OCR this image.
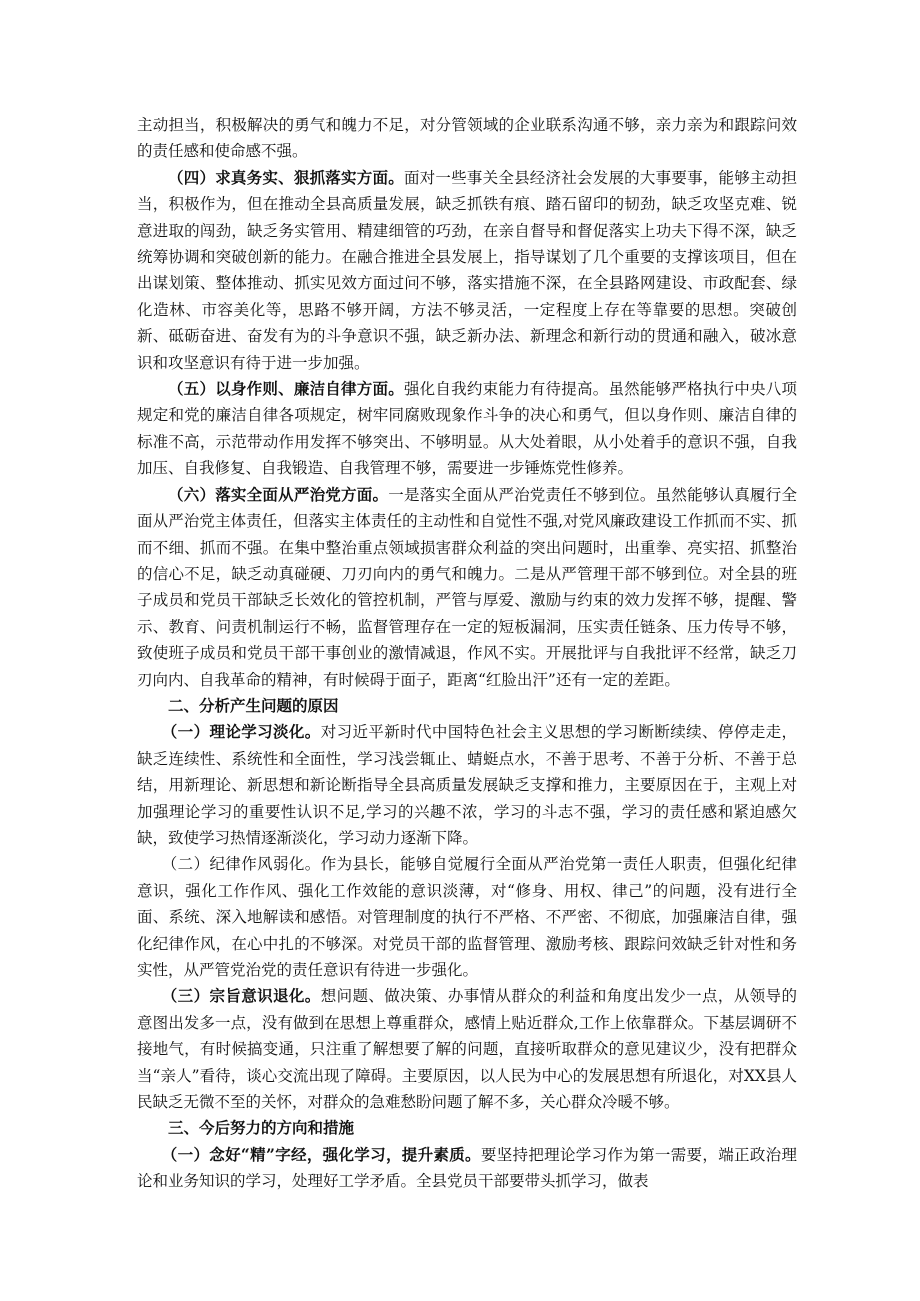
主动担当，积极解决的勇气和魄力不足，对分管领域的企业联系沟通不够，亲力亲为和跟踪问效的责任感和使命感不强。

（四）求真务实、狠抓落实方面。面对一些事关全县经济社会发展的大事要事，能够主动担当，积极作为，但在推动全县高质量发展，缺乏抓铁有痕、踏石留印的韧劲，缺乏攻坚克难、锐意进取的闯劲，缺乏务实管用、精建细管的巧劲，在亲自督导和督促落实上功夫下得不深，缺乏统筹协调和突破创新的能力。在融合推进全县发展上，指导谋划了几个重要的支撑该项目，但在出谋划策、整体推动、抓实见效方面过问不够，落实措施不深，在全县路网建设、市政配套、绿化造林、市容美化等，思路不够开阔，方法不够灵活，一定程度上存在等靠要的思想。突破创新、砥砺奋进、奋发有为的斗争意识不强，缺乏新办法、新理念和新行动的贯通和融入，破冰意识和攻坚意识有待于进一步加强。

（五）以身作则、廉洁自律方面。强化自我约束能力有待提高。虽然能够严格执行中央八项规定和党的廉洁自律各项规定，树牢同腐败现象作斗争的决心和勇气，但以身作则、廉洁自律的标准不高，示范带动作用发挥不够突出、不够明显。从大处着眼，从小处着手的意识不强，自我加压、自我修复、自我锻造、自我管理不够，需要进一步锤炼党性修养。

（六）落实全面从严治党方面。一是落实全面从严治党责任不够到位。虽然能够认真履行全面从严治党主体责任，但落实主体责任的主动性和自觉性不强,对党风廉政建设工作抓而不实、抓而不细、抓而不强。在集中整治重点领域损害群众利益的突出问题时，出重拳、亮实招、抓整治的信心不足，缺乏动真碰硬、刀刃向内的勇气和魄力。二是从严管理干部不够到位。对全县的班子成员和党员干部缺乏长效化的管控机制，严管与厚爱、激励与约束的效力发挥不够，提醒、警示、教育、问责机制运行不畅，监督管理存在一定的短板漏洞，压实责任链条、压力传导不够，致使班子成员和党员干部干事创业的激情减退，作风不实。开展批评与自我批评不经常，缺乏刀刃向内、自我革命的精神，有时候碍于面子，距离“红脸出汗”还有一定的差距。

二、分析产生问题的原因

（一）理论学习淡化。对习近平新时代中国特色社会主义思想的学习断断续续、停停走走，缺乏连续性、系统性和全面性，学习浅尝辄止、蜻蜓点水，不善于思考、不善于分析、不善于总结，用新理论、新思想和新论断指导全县高质量发展缺乏支撑和推力，主要原因在于，主观上对加强理论学习的重要性认识不足,学习的兴趣不浓，学习的斗志不强，学习的责任感和紧迫感欠缺，致使学习热情逐渐淡化，学习动力逐渐下降。

（二）纪律作风弱化。作为县长，能够自觉履行全面从严治党第一责任人职责，但强化纪律意识，强化工作作风、强化工作效能的意识淡薄，对“修身、用权、律己”的问题，没有进行全面、系统、深入地解读和感悟。对管理制度的执行不严格、不严密、不彻底，加强廉洁自律，强化纪律作风，在心中扎的不够深。对党员干部的监督管理、激励考核、跟踪问效缺乏针对性和务实性，从严管党治党的责任意识有待进一步强化。

（三）宗旨意识退化。想问题、做决策、办事情从群众的利益和角度出发少一点，从领导的意图出发多一点，没有做到在思想上尊重群众，感情上贴近群众,工作上依靠群众。下基层调研不接地气，有时候搞变通，只注重了解想要了解的问题，直接听取群众的意见建议少，没有把群众当“亲人”看待，谈心交流出现了障碍。主要原因，以人民为中心的发展思想有所退化，对XX县人民缺乏无微不至的关怀，对群众的急难愁盼问题了解不多，关心群众冷暖不够。

三、今后努力的方向和措施

（一）念好“精”字经，强化学习，提升素质。要坚持把理论学习作为第一需要，端正政治理论和业务知识的学习，处理好工学矛盾。全县党员干部要带头抓学习，做表
